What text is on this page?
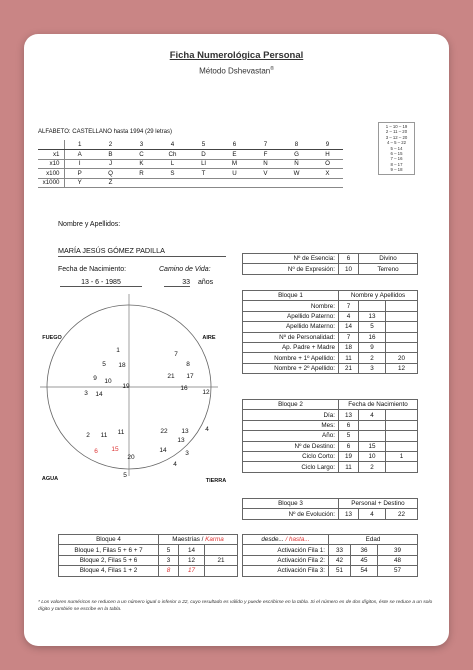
Ficha Numerológica Personal
Método Dshevastan®
ALFABETO: CASTELLANO hasta 1994 (29 letras)
	1	2	3	4	5	6	7	8	9
x1	A	B	C	Ch	D	E	F	G	H
x10	I	J	K	L	Ll	M	N	Ñ	O
x100	P	Q	R	S	T	U	V	W	X
x1000	Y	Z							
1 – 10 – 19
2 – 11 – 20
3 – 12 – 20
4 – 5 – 22
5 – 14
6 – 15
7 – 16
8 – 17
9 – 18
Nombre y Apellidos:
MARÍA JESÚS GÓMEZ PADILLA
Fecha de Nacimiento:
13 - 6 - 1985
Camino de Vida:
33 años
Nº de Esencia:	6	Divino
Nº de Expresión:	10	Terreno
Bloque 1	Nombre y Apellidos		
Nombre:	7		
Apellido Paterno:	4	13	
Apellido Materno:	14	5	
Nº de Personalidad:	7	16	
Ap. Padre + Madre	18	9	
Nombre + 1º Apellido:	11	2	20
Nombre + 2º Apellido:	21	3	12
Bloque 2	Fecha de Nacimiento		
Día:	13	4	
Mes:	6		
Año:	5		
Nº de Destino:	6	15	
Ciclo Corto:	19	10	1
Ciclo Largo:	11	2	
Bloque 3	Personal + Destino		
Nº de Evolución:	13	4	22
Bloque 4	Maestrías / Karma		
Bloque 1, Filas 5 + 6 + 7	5	14	
Bloque 2, Filas 5 + 6	3	12	21
Bloque 4, Filas 1 + 2	8	17	
desde... / hasta...	Edad		
Activación Fila 1:	33	36	39
Activación Fila 2:	42	45	48
Activación Fila 3:	51	54	57
* Los valores numéricos se reducen a un número igual o inferior a 22, cuyo resultado es válido y puede escribirse en la tabla. Si el número es de dos dígitos, éste se reduce a un solo dígito y también se escribe en la tabla.
FUEGO	AIRE
AGUA	TIERRA
1
5 18
9 10
19
3 14
7
8
21 17
16
12
2 11 11
6 15
20
5
22 13	4
13
14	3
4
